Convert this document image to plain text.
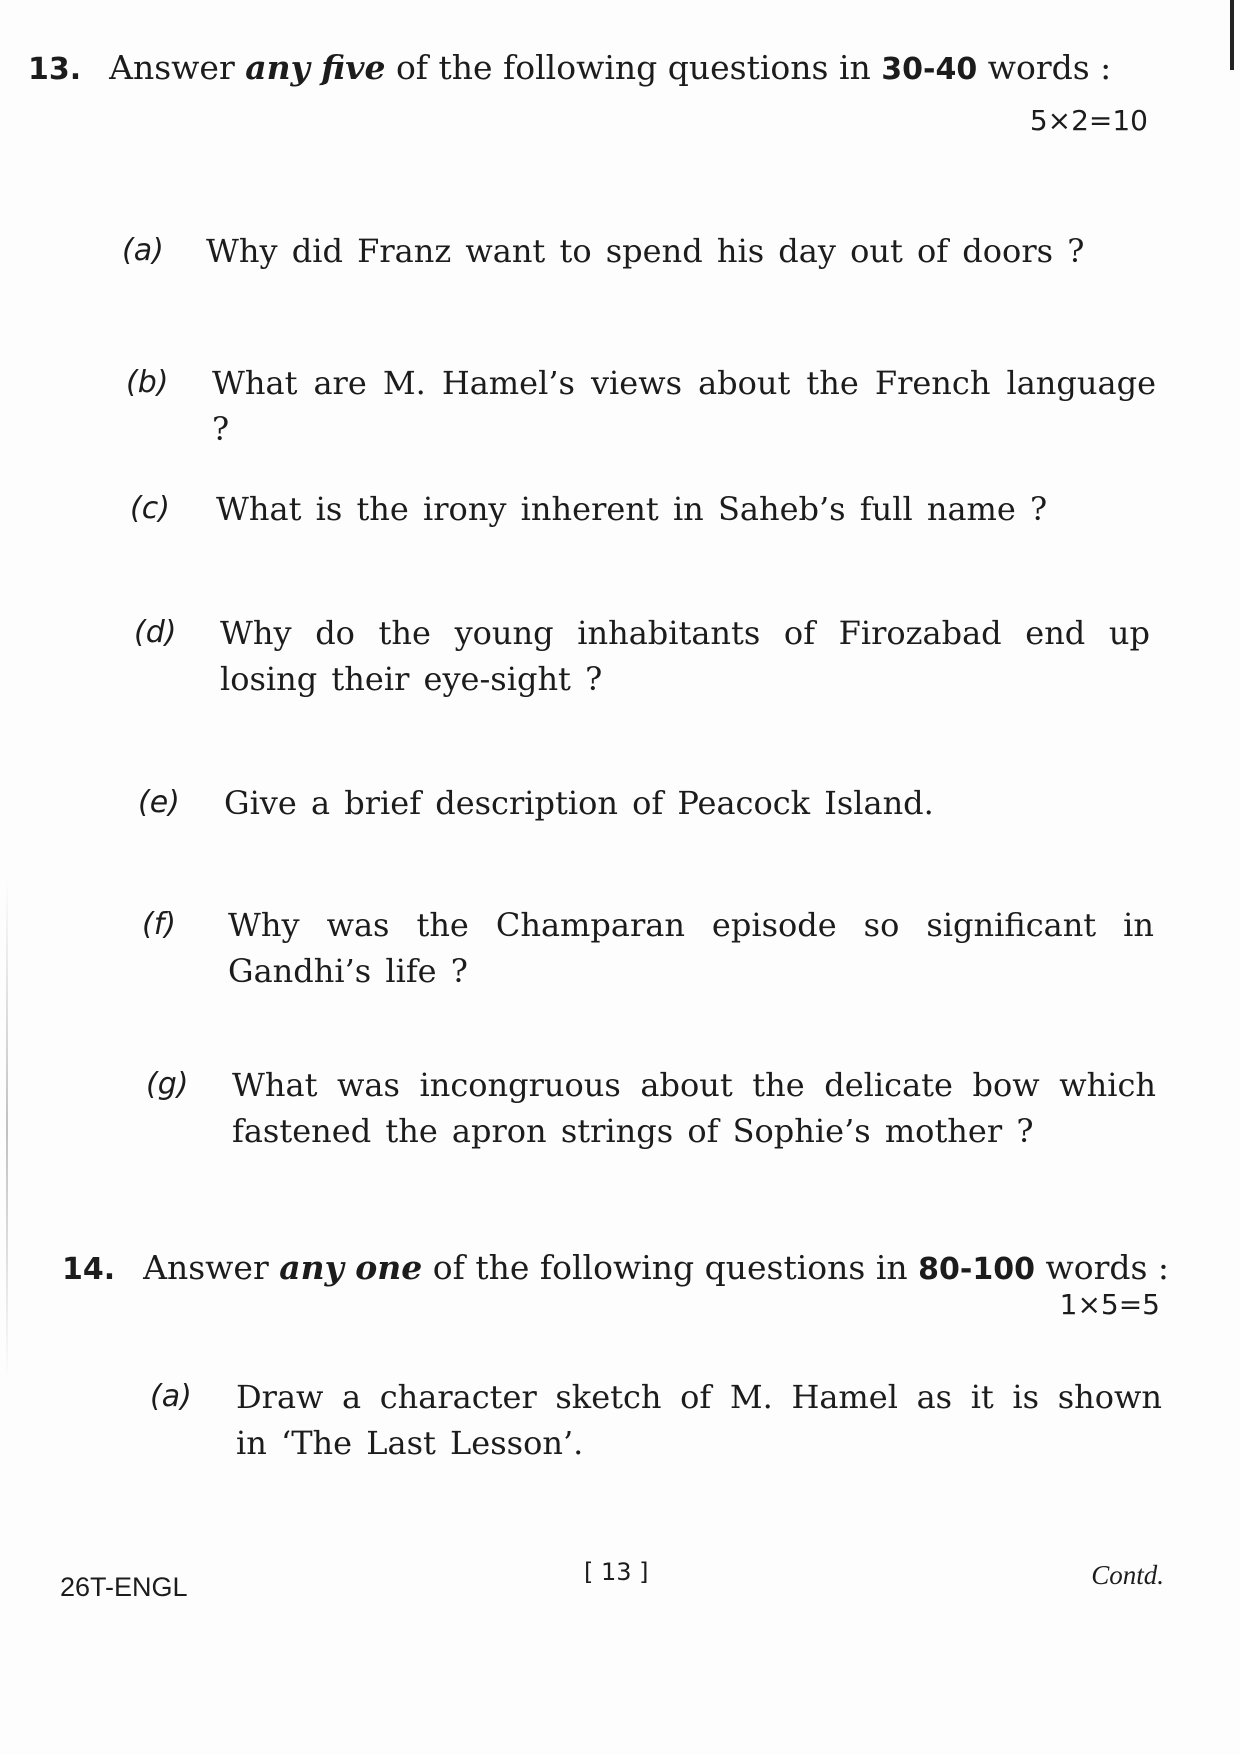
13. Answer any five of the following questions in 30-40 words :
5×2=10
(a) Why did Franz want to spend his day out of doors ?
(b) What are M. Hamel’s views about the French language ?
(c) What is the irony inherent in Saheb’s full name ?
(d) Why do the young inhabitants of Firozabad end up losing their eye-sight ?
(e) Give a brief description of Peacock Island.
(f) Why was the Champaran episode so significant in Gandhi’s life ?
(g) What was incongruous about the delicate bow which fastened the apron strings of Sophie’s mother ?
14. Answer any one of the following questions in 80-100 words :
1×5=5
(a) Draw a character sketch of M. Hamel as it is shown in ‘The Last Lesson’.
26T-ENGL	[ 13 ]	Contd.
